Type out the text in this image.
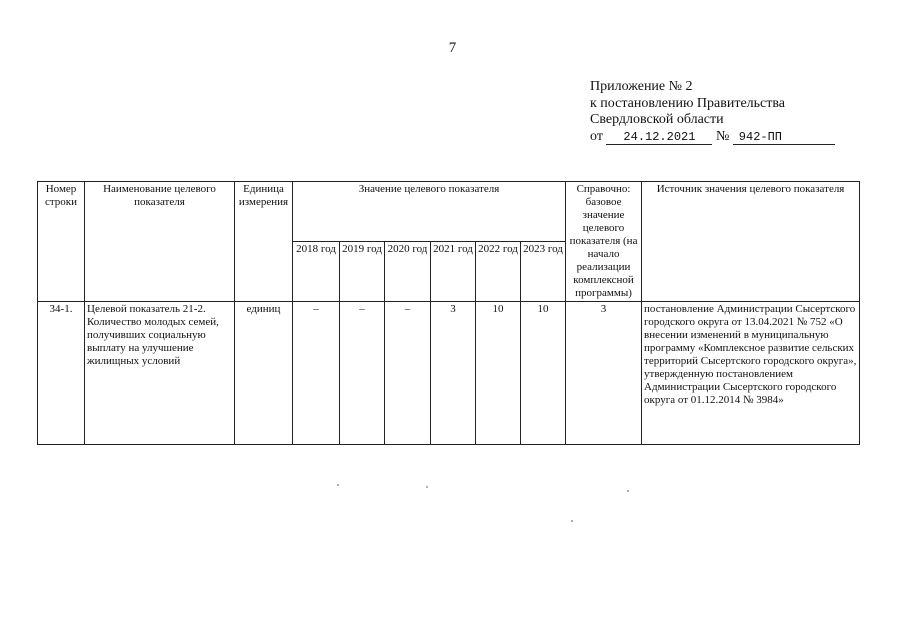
7
Приложение № 2
к постановлению Правительства
Свердловской области
от 24.12.2021 № 942-ПП
Номер строки	Наименование целевого показателя	Единица измерения	Значение целевого показателя						Справочно: базовое значение целевого показателя (на начало реализации комплексной программы)	Источник значения целевого показателя
			2018 год	2019 год	2020 год	2021 год	2022 год	2023 год		
34-1.	Целевой показатель 21-2. Количество молодых семей, получивших социальную выплату на улучшение жилищных условий	единиц	–	–	–	3	10	10	3	постановление Администрации Сысертского городского округа от 13.04.2021 № 752 «О внесении изменений в муниципальную программу «Комплексное развитие сельских территорий Сысертского городского округа», утвержденную постановлением Администрации Сысертского городского округа от 01.12.2014 № 3984»
